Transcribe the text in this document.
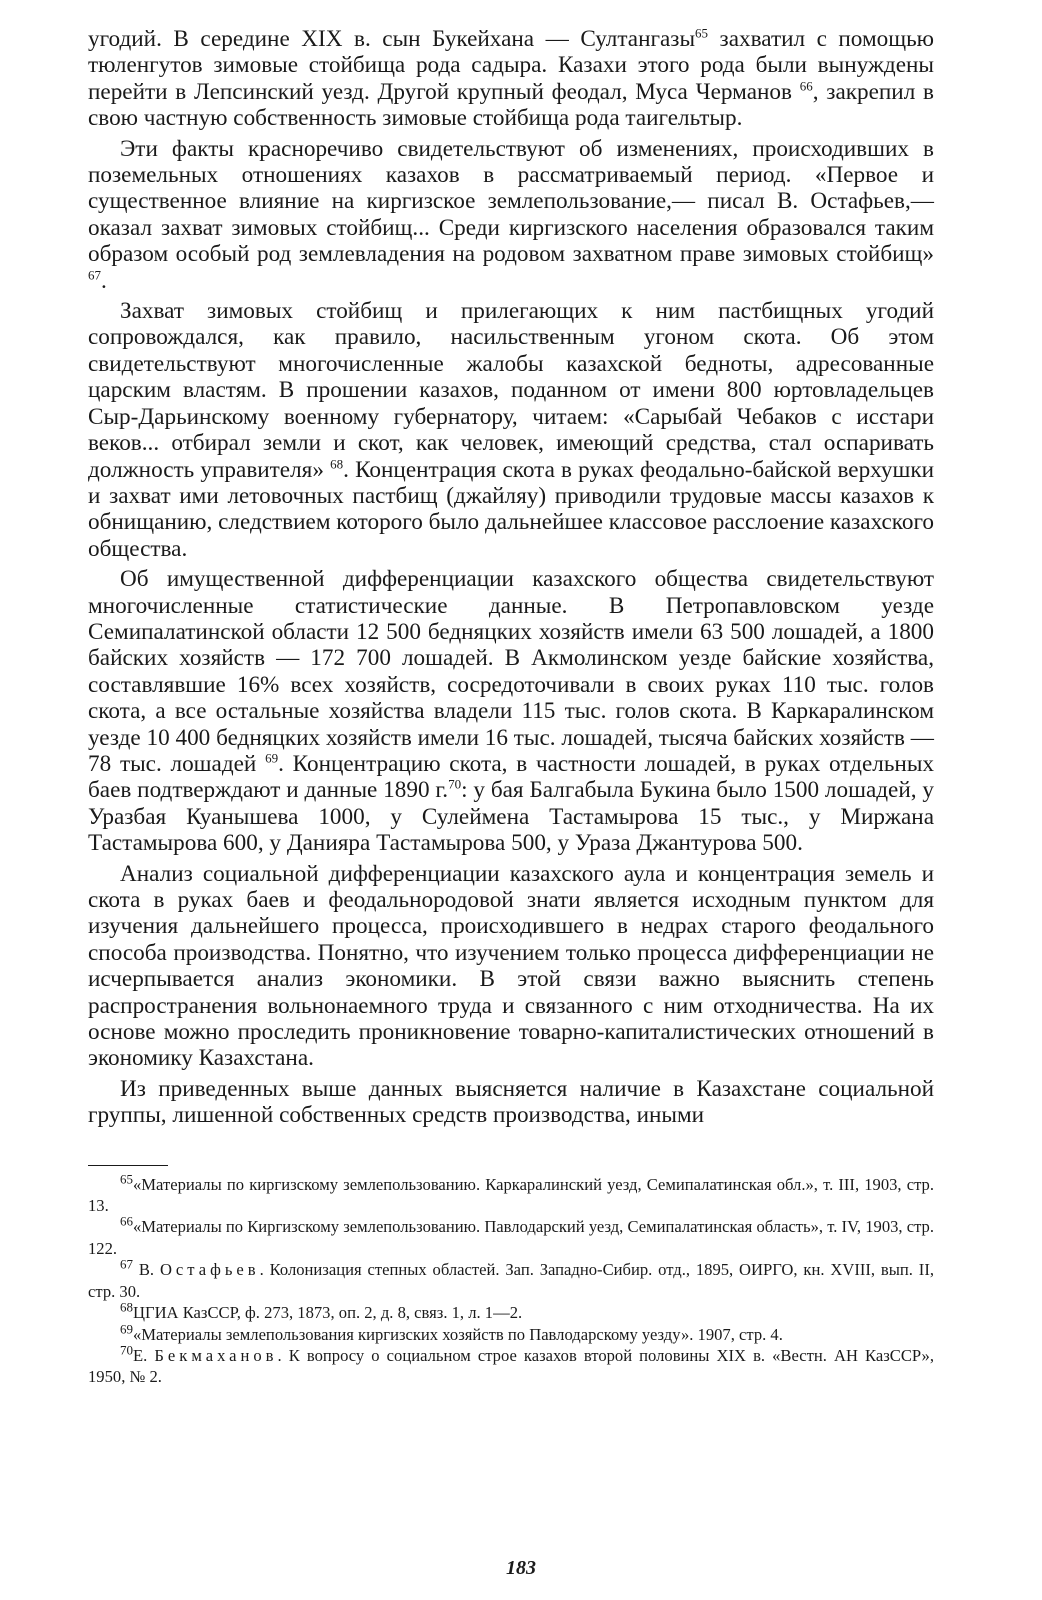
угодий. В середине XIX в. сын Букейхана — Султангазы$^{65}$ захватил с помощью тюленгутов зимовые стойбища рода садыра. Казахи этого рода были вынуждены перейти в Лепсинский уезд. Другой крупный феодал, Муса Черманов $^{66}$, закрепил в свою частную собственность зимовые стойбища рода таигельтыр.

Эти факты красноречиво свидетельствуют об изменениях, происходивших в поземельных отношениях казахов в рассматриваемый период. «Первое и существенное влияние на киргизское землепользование,— писал В. Остафьев,— оказал захват зимовых стойбищ... Среди киргизского населения образовался таким образом особый род землевладения на родовом захватном праве зимовых стойбищ» $^{67}$.

Захват зимовых стойбищ и прилегающих к ним пастбищных угодий сопровождался, как правило, насильственным угоном скота. Об этом свидетельствуют многочисленные жалобы казахской бедноты, адресованные царским властям. В прошении казахов, поданном от имени 800 юртовладельцев Сыр-Дарьинскому военному губернатору, читаем: «Сарыбай Чебаков с исстари веков... отбирал земли и скот, как человек, имеющий средства, стал оспаривать должность управителя» $^{68}$. Концентрация скота в руках феодально-байской верхушки и захват ими летовочных пастбищ (джайляу) приводили трудовые массы казахов к обнищанию, следствием которого было дальнейшее классовое расслоение казахского общества.

Об имущественной дифференциации казахского общества свидетельствуют многочисленные статистические данные. В Петропавловском уезде Семипалатинской области 12 500 бедняцких хозяйств имели 63 500 лошадей, а 1800 байских хозяйств — 172 700 лошадей. В Акмолинском уезде байские хозяйства, составлявшие 16% всех хозяйств, сосредоточивали в своих руках 110 тыс. голов скота, а все остальные хозяйства владели 115 тыс. голов скота. В Каркаралинском уезде 10 400 бедняцких хозяйств имели 16 тыс. лошадей, тысяча байских хозяйств — 78 тыс. лошадей $^{69}$. Концентрацию скота, в частности лошадей, в руках отдельных баев подтверждают и данные 1890 г.$^{70}$: у бая Балгабыла Букина было 1500 лошадей, у Уразбая Куанышева 1000, у Сулеймена Тастамырова 15 тыс., у Миржана Тастамырова 600, у Данияра Тастамырова 500, у Ураза Джантурова 500.

Анализ социальной дифференциации казахского аула и концентрация земель и скота в руках баев и феодальнородовой знати является исходным пунктом для изучения дальнейшего процесса, происходившего в недрах старого феодального способа производства. Понятно, что изучением только процесса дифференциации не исчерпывается анализ экономики. В этой связи важно выяснить степень распространения вольнонаемного труда и связанного с ним отходничества. На их основе можно проследить проникновение товарно-капиталистических отношений в экономику Казахстана.

Из приведенных выше данных выясняется наличие в Казахстане социальной группы, лишенной собственных средств производства, иными

$^{65}$«Материалы по киргизскому землепользованию. Каркаралинский уезд, Семипалатинская обл.», т. III, 1903, стр. 13.

$^{66}$«Материалы по Киргизскому землепользованию. Павлодарский уезд, Семипалатинская область», т. IV, 1903, стр. 122.

$^{67}$ В. Остафьев. Колонизация степных областей. Зап. Западно-Сибир. отд., 1895, ОИРГО, кн. XVIII, вып. II, стр. 30.

$^{68}$ЦГИА КазССР, ф. 273, 1873, оп. 2, д. 8, связ. 1, л. 1—2.

$^{69}$«Материалы землепользования киргизских хозяйств по Павлодарскому уезду». 1907, стр. 4.

$^{70}$Е. Бекмаханов. К вопросу о социальном строе казахов второй половины XIX в. «Вестн. АН КазССР», 1950, № 2.

183
